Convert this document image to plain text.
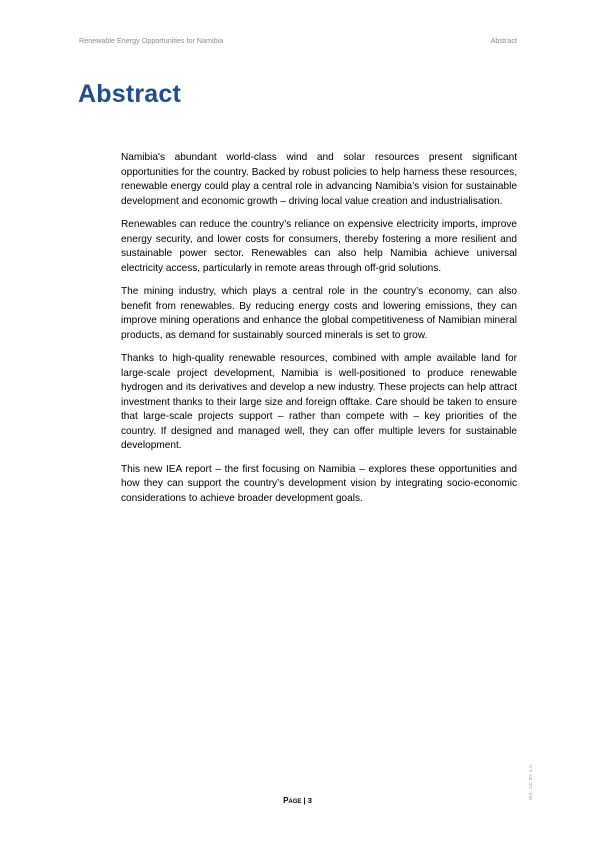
Renewable Energy Opportunities for Namibia	Abstract
Abstract

Namibia's abundant world-class wind and solar resources present significant opportunities for the country. Backed by robust policies to help harness these resources, renewable energy could play a central role in advancing Namibia’s vision for sustainable development and economic growth – driving local value creation and industrialisation.

Renewables can reduce the country’s reliance on expensive electricity imports, improve energy security, and lower costs for consumers, thereby fostering a more resilient and sustainable power sector. Renewables can also help Namibia achieve universal electricity access, particularly in remote areas through off-grid solutions.

The mining industry, which plays a central role in the country’s economy, can also benefit from renewables. By reducing energy costs and lowering emissions, they can improve mining operations and enhance the global competitiveness of Namibian mineral products, as demand for sustainably sourced minerals is set to grow.

Thanks to high-quality renewable resources, combined with ample available land for large-scale project development, Namibia is well-positioned to produce renewable hydrogen and its derivatives and develop a new industry. These projects can help attract investment thanks to their large size and foreign offtake. Care should be taken to ensure that large-scale projects support – rather than compete with – key priorities of the country. If designed and managed well, they can offer multiple levers for sustainable development.

This new IEA report – the first focusing on Namibia – explores these opportunities and how they can support the country’s development vision by integrating socio-economic considerations to achieve broader development goals.

IEA. CC BY 4.0.
Page | 3
